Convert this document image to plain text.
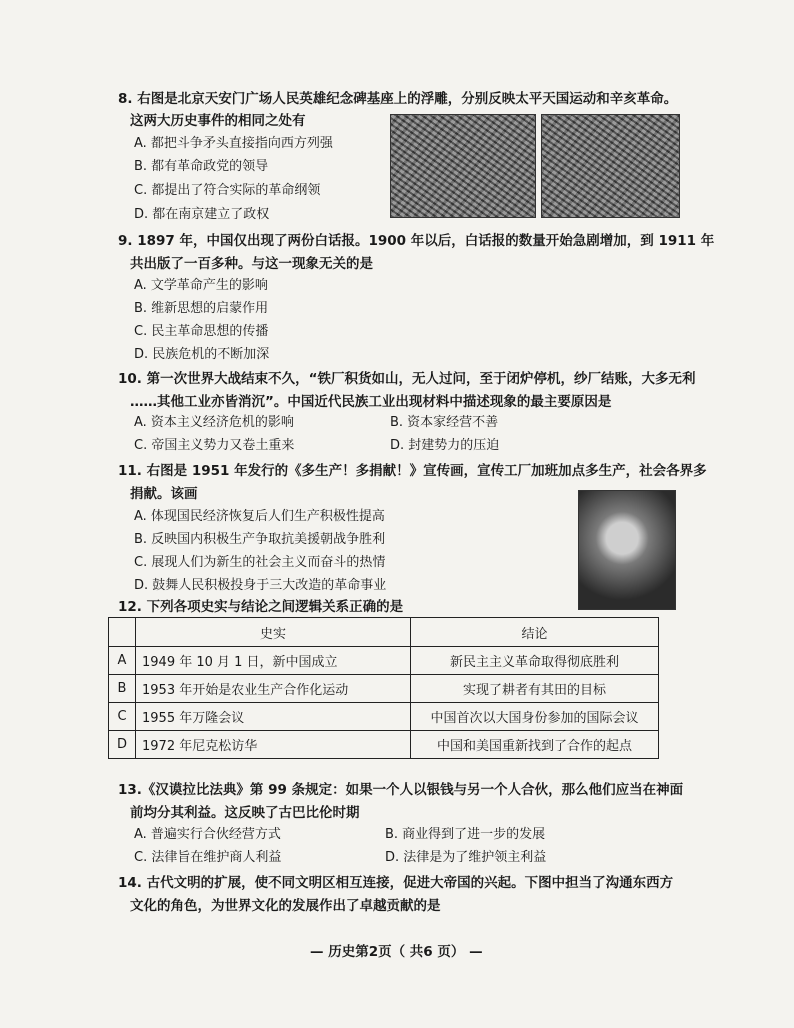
8. 右图是北京天安门广场人民英雄纪念碑基座上的浮雕，分别反映太平天国运动和辛亥革命。
这两大历史事件的相同之处有
A. 都把斗争矛头直接指向西方列强
B. 都有革命政党的领导
C. 都提出了符合实际的革命纲领
D. 都在南京建立了政权
9. 1897 年，中国仅出现了两份白话报。1900 年以后，白话报的数量开始急剧增加，到 1911 年
共出版了一百多种。与这一现象无关的是
A. 文学革命产生的影响
B. 维新思想的启蒙作用
C. 民主革命思想的传播
D. 民族危机的不断加深
10. 第一次世界大战结束不久，“铁厂积货如山，无人过问，至于闭炉停机，纱厂结账，大多无利
……其他工业亦皆消沉”。中国近代民族工业出现材料中描述现象的最主要原因是
A. 资本主义经济危机的影响	B. 资本家经营不善
C. 帝国主义势力又卷土重来	D. 封建势力的压迫
11. 右图是 1951 年发行的《多生产！多捐献！》宣传画，宣传工厂加班加点多生产，社会各界多
捐献。该画
A. 体现国民经济恢复后人们生产积极性提高
B. 反映国内积极生产争取抗美援朝战争胜利
C. 展现人们为新生的社会主义而奋斗的热情
D. 鼓舞人民积极投身于三大改造的革命事业
12. 下列各项史实与结论之间逻辑关系正确的是
	史实	结论
A	1949 年 10 月 1 日，新中国成立	新民主主义革命取得彻底胜利
B	1953 年开始是农业生产合作化运动	实现了耕者有其田的目标
C	1955 年万隆会议	中国首次以大国身份参加的国际会议
D	1972 年尼克松访华	中国和美国重新找到了合作的起点
13.《汉谟拉比法典》第 99 条规定：如果一个人以银钱与另一个人合伙，那么他们应当在神面
前均分其利益。这反映了古巴比伦时期
A. 普遍实行合伙经营方式	B. 商业得到了进一步的发展
C. 法律旨在维护商人利益	D. 法律是为了维护领主利益
14. 古代文明的扩展，使不同文明区相互连接，促进大帝国的兴起。下图中担当了沟通东西方
文化的角色，为世界文化的发展作出了卓越贡献的是
— 历史第2页（ 共6 页） —
